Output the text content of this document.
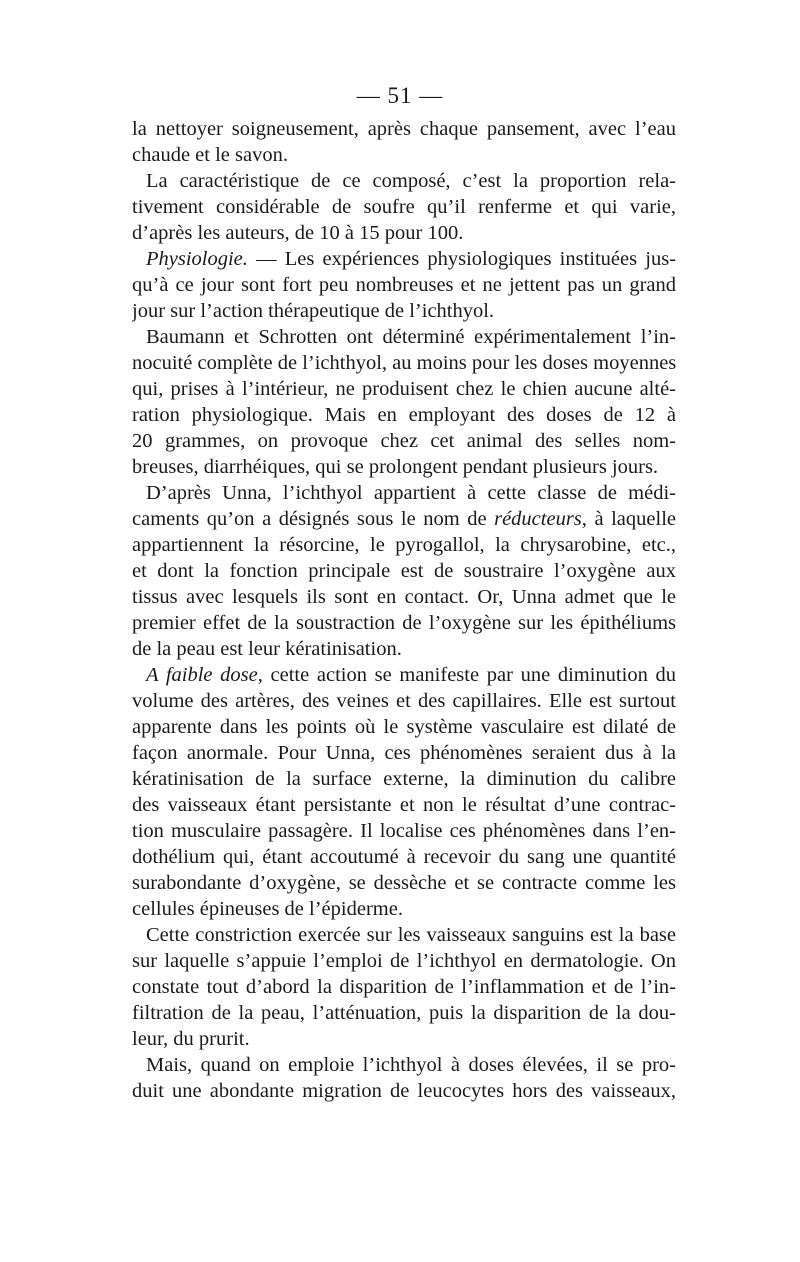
— 51 —
la nettoyer soigneusement, après chaque pansement, avec l’eau
chaude et le savon.
La caractéristique de ce composé, c’est la proportion rela-
tivement considérable de soufre qu’il renferme et qui varie,
d’après les auteurs, de 10 à 15 pour 100.
Physiologie. — Les expériences physiologiques instituées jus-
qu’à ce jour sont fort peu nombreuses et ne jettent pas un grand
jour sur l’action thérapeutique de l’ichthyol.
Baumann et Schrotten ont déterminé expérimentalement l’in-
nocuité complète de l’ichthyol, au moins pour les doses moyennes
qui, prises à l’intérieur, ne produisent chez le chien aucune alté-
ration physiologique. Mais en employant des doses de 12 à
20 grammes, on provoque chez cet animal des selles nom-
breuses, diarrhéiques, qui se prolongent pendant plusieurs jours.
D’après Unna, l’ichthyol appartient à cette classe de médi-
caments qu’on a désignés sous le nom de réducteurs, à laquelle
appartiennent la résorcine, le pyrogallol, la chrysarobine, etc.,
et dont la fonction principale est de soustraire l’oxygène aux
tissus avec lesquels ils sont en contact. Or, Unna admet que le
premier effet de la soustraction de l’oxygène sur les épithéliums
de la peau est leur kératinisation.
A faible dose, cette action se manifeste par une diminution du
volume des artères, des veines et des capillaires. Elle est surtout
apparente dans les points où le système vasculaire est dilaté de
façon anormale. Pour Unna, ces phénomènes seraient dus à la
kératinisation de la surface externe, la diminution du calibre
des vaisseaux étant persistante et non le résultat d’une contrac-
tion musculaire passagère. Il localise ces phénomènes dans l’en-
dothélium qui, étant accoutumé à recevoir du sang une quantité
surabondante d’oxygène, se dessèche et se contracte comme les
cellules épineuses de l’épiderme.
Cette constriction exercée sur les vaisseaux sanguins est la base
sur laquelle s’appuie l’emploi de l’ichthyol en dermatologie. On
constate tout d’abord la disparition de l’inflammation et de l’in-
filtration de la peau, l’atténuation, puis la disparition de la dou-
leur, du prurit.
Mais, quand on emploie l’ichthyol à doses élevées, il se pro-
duit une abondante migration de leucocytes hors des vaisseaux,
